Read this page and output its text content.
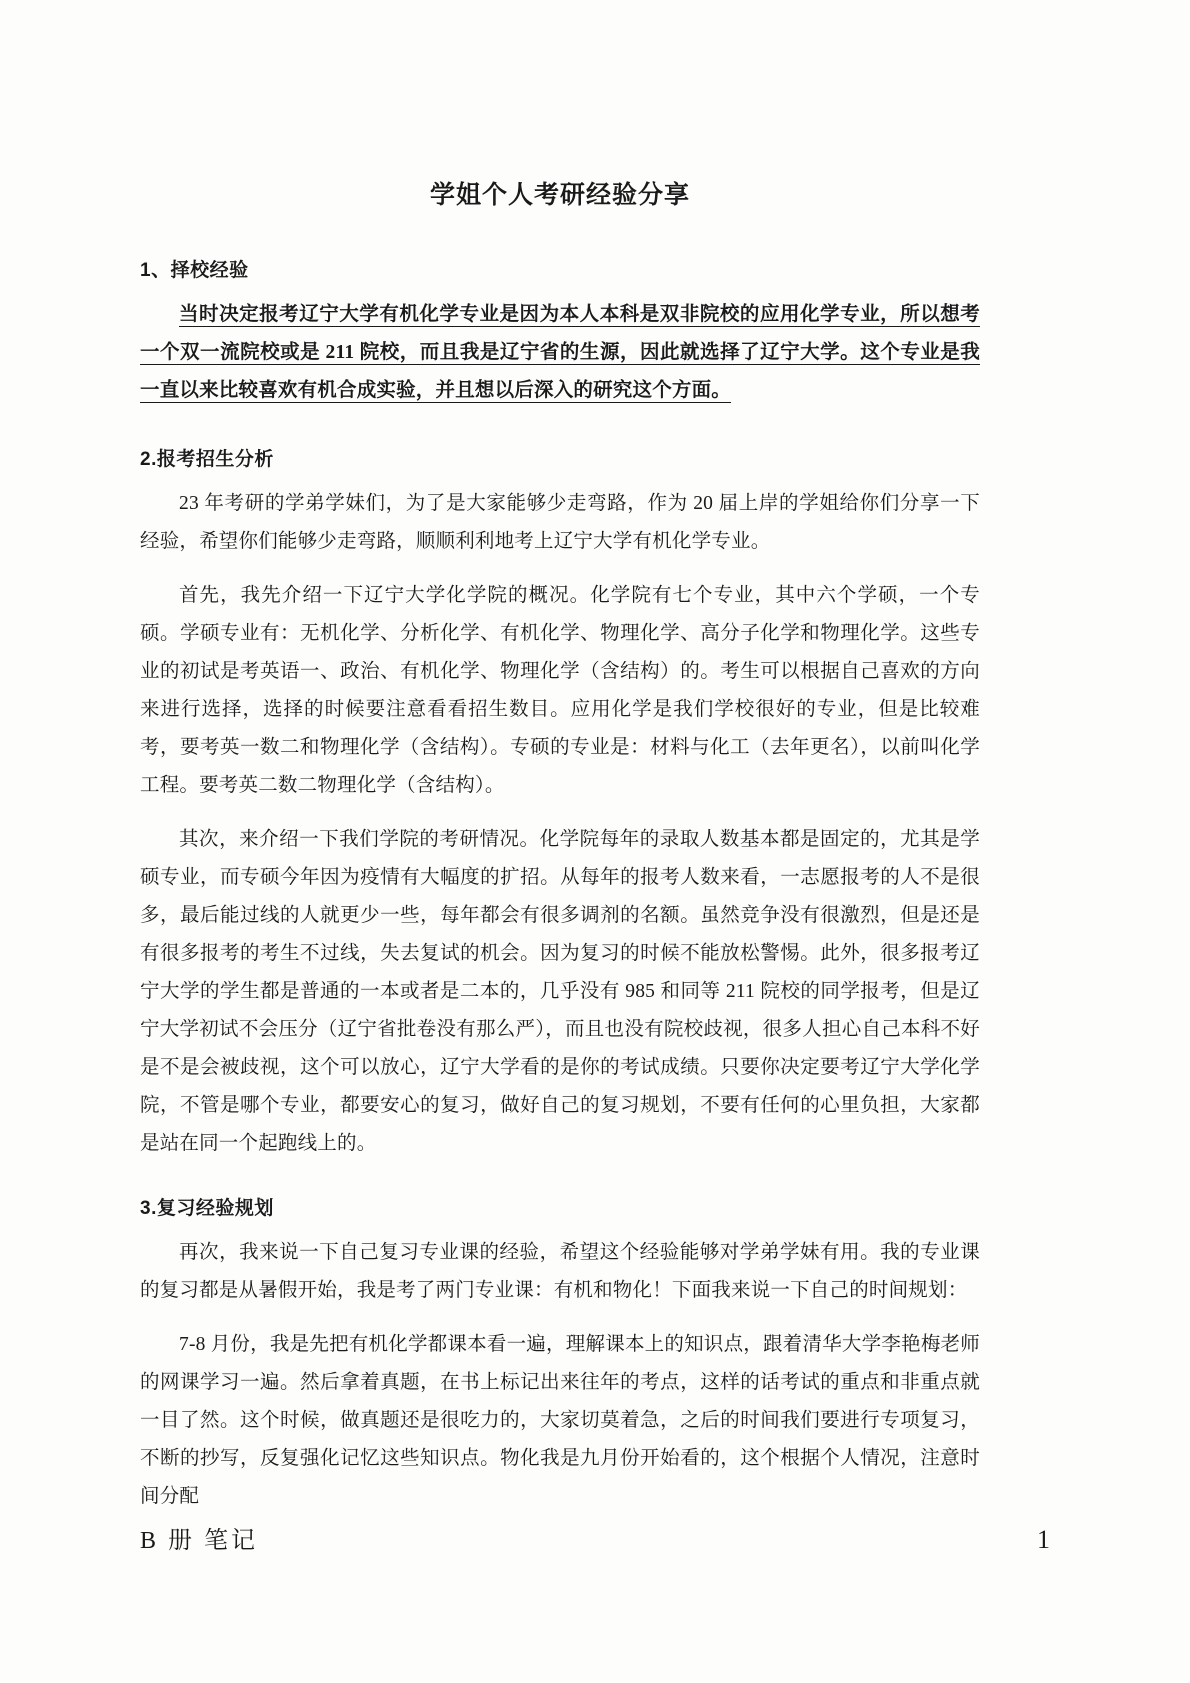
学姐个人考研经验分享
1、择校经验

当时决定报考辽宁大学有机化学专业是因为本人本科是双非院校的应用化学专业，所以想考一个双一流院校或是 211 院校，而且我是辽宁省的生源，因此就选择了辽宁大学。这个专业是我一直以来比较喜欢有机合成实验，并且想以后深入的研究这个方面。

2.报考招生分析

23 年考研的学弟学妹们，为了是大家能够少走弯路，作为 20 届上岸的学姐给你们分享一下经验，希望你们能够少走弯路，顺顺利利地考上辽宁大学有机化学专业。

首先，我先介绍一下辽宁大学化学院的概况。化学院有七个专业，其中六个学硕，一个专硕。学硕专业有：无机化学、分析化学、有机化学、物理化学、高分子化学和物理化学。这些专业的初试是考英语一、政治、有机化学、物理化学（含结构）的。考生可以根据自己喜欢的方向来进行选择，选择的时候要注意看看招生数目。应用化学是我们学校很好的专业，但是比较难考，要考英一数二和物理化学（含结构）。专硕的专业是：材料与化工（去年更名），以前叫化学工程。要考英二数二物理化学（含结构）。

其次，来介绍一下我们学院的考研情况。化学院每年的录取人数基本都是固定的，尤其是学硕专业，而专硕今年因为疫情有大幅度的扩招。从每年的报考人数来看，一志愿报考的人不是很多，最后能过线的人就更少一些，每年都会有很多调剂的名额。虽然竞争没有很激烈，但是还是有很多报考的考生不过线，失去复试的机会。因为复习的时候不能放松警惕。此外，很多报考辽宁大学的学生都是普通的一本或者是二本的，几乎没有 985 和同等 211 院校的同学报考，但是辽宁大学初试不会压分（辽宁省批卷没有那么严），而且也没有院校歧视，很多人担心自己本科不好是不是会被歧视，这个可以放心，辽宁大学看的是你的考试成绩。只要你决定要考辽宁大学化学院，不管是哪个专业，都要安心的复习，做好自己的复习规划，不要有任何的心里负担，大家都是站在同一个起跑线上的。

3.复习经验规划

再次，我来说一下自己复习专业课的经验，希望这个经验能够对学弟学妹有用。我的专业课的复习都是从暑假开始，我是考了两门专业课：有机和物化！下面我来说一下自己的时间规划：

7-8 月份，我是先把有机化学都课本看一遍，理解课本上的知识点，跟着清华大学李艳梅老师的网课学习一遍。然后拿着真题，在书上标记出来往年的考点，这样的话考试的重点和非重点就一目了然。这个时候，做真题还是很吃力的，大家切莫着急，之后的时间我们要进行专项复习，不断的抄写，反复强化记忆这些知识点。物化我是九月份开始看的，这个根据个人情况，注意时间分配

B 册 笔记	1
